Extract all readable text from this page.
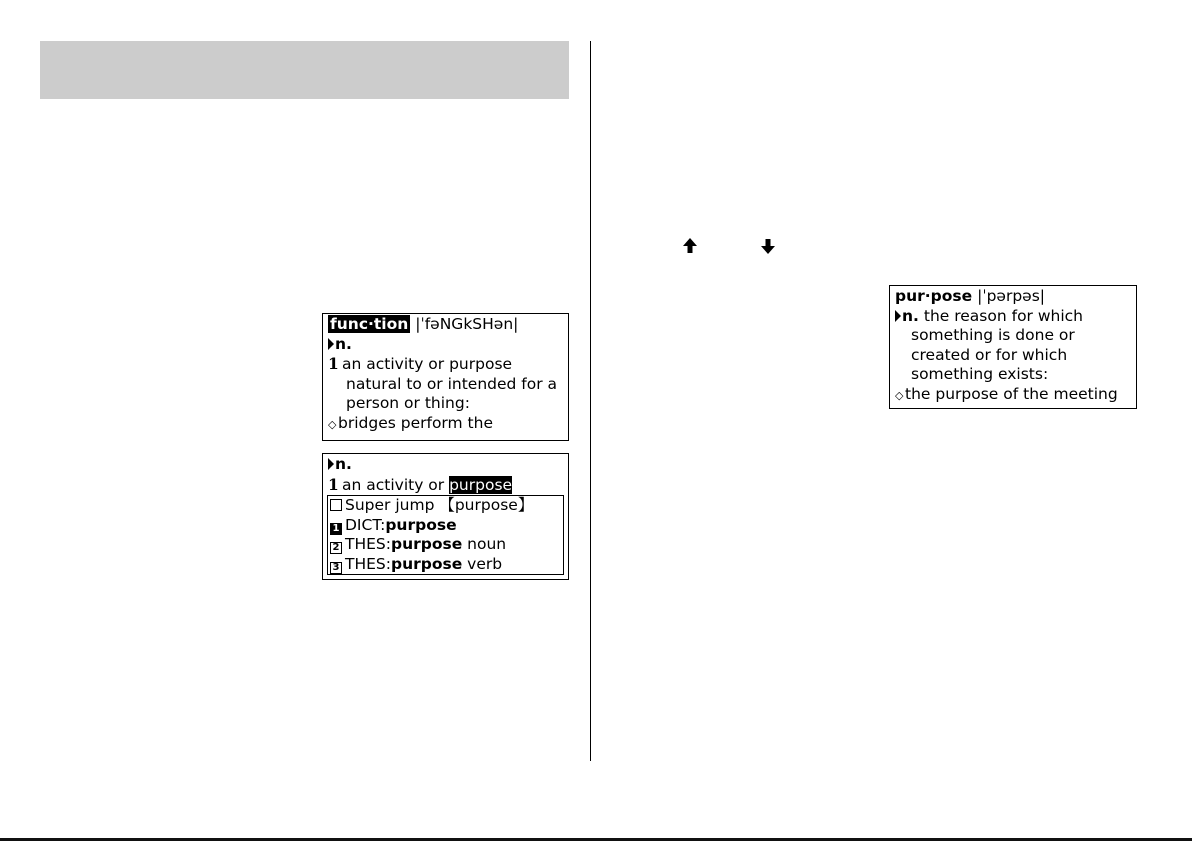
func·tion |ˈfəNGkSHən|
n.
1 an activity or purpose
natural to or intended for a
person or thing:
◇bridges perform the
n.
1 an activity or purpose
Super jump 【purpose】
1 DICT:purpose
2 THES:purpose noun
3 THES:purpose verb
pur·pose |ˈpərpəs|
n. the reason for which
something is done or
created or for which
something exists:
◇the purpose of the meeting
